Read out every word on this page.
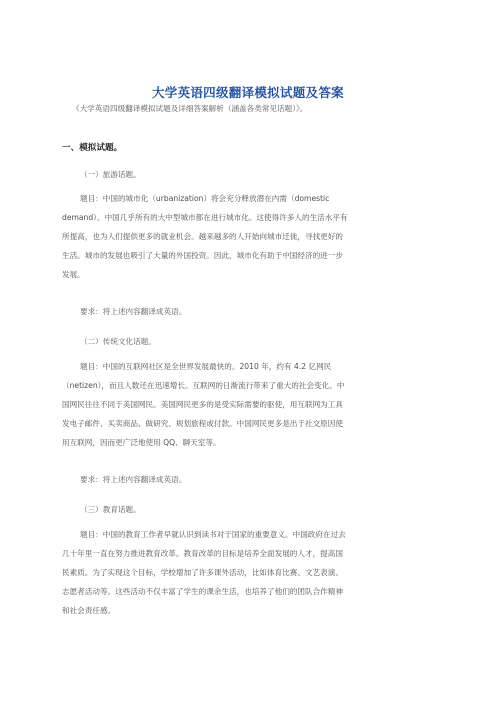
大学英语四级翻译模拟试题及答案
《大学英语四级翻译模拟试题及详细答案解析（涵盖各类常见话题）》。
一、模拟试题。
（一）旅游话题。
题目：中国的城市化（urbanization）将会充分释放潜在内需（domestic
demand）。中国几乎所有的大中型城市都在进行城市化。这使得许多人的生活水平有
所提高，也为人们提供更多的就业机会。越来越多的人开始向城市迁徙，寻找更好的
生活。城市的发展也吸引了大量的外国投资。因此，城市化有助于中国经济的进一步
发展。
要求：将上述内容翻译成英语。
（二）传统文化话题。
题目：中国的互联网社区是全世界发展最快的。2010 年，约有 4.2 亿网民
（netizen），而且人数还在迅速增长。互联网的日渐流行带来了重大的社会变化。中
国网民往往不同于美国网民。美国网民更多的是受实际需要的驱使，用互联网为工具
发电子邮件、买卖商品、做研究、规划旅程或付款。中国网民更多是出于社交原因使
用互联网，因而更广泛地使用 QQ、聊天室等。
要求：将上述内容翻译成英语。
（三）教育话题。
题目：中国的教育工作者早就认识到读书对于国家的重要意义。中国政府在过去
几十年里一直在努力推进教育改革。教育改革的目标是培养全面发展的人才，提高国
民素质。为了实现这个目标，学校增加了许多课外活动，比如体育比赛、文艺表演、
志愿者活动等。这些活动不仅丰富了学生的课余生活，也培养了他们的团队合作精神
和社会责任感。
